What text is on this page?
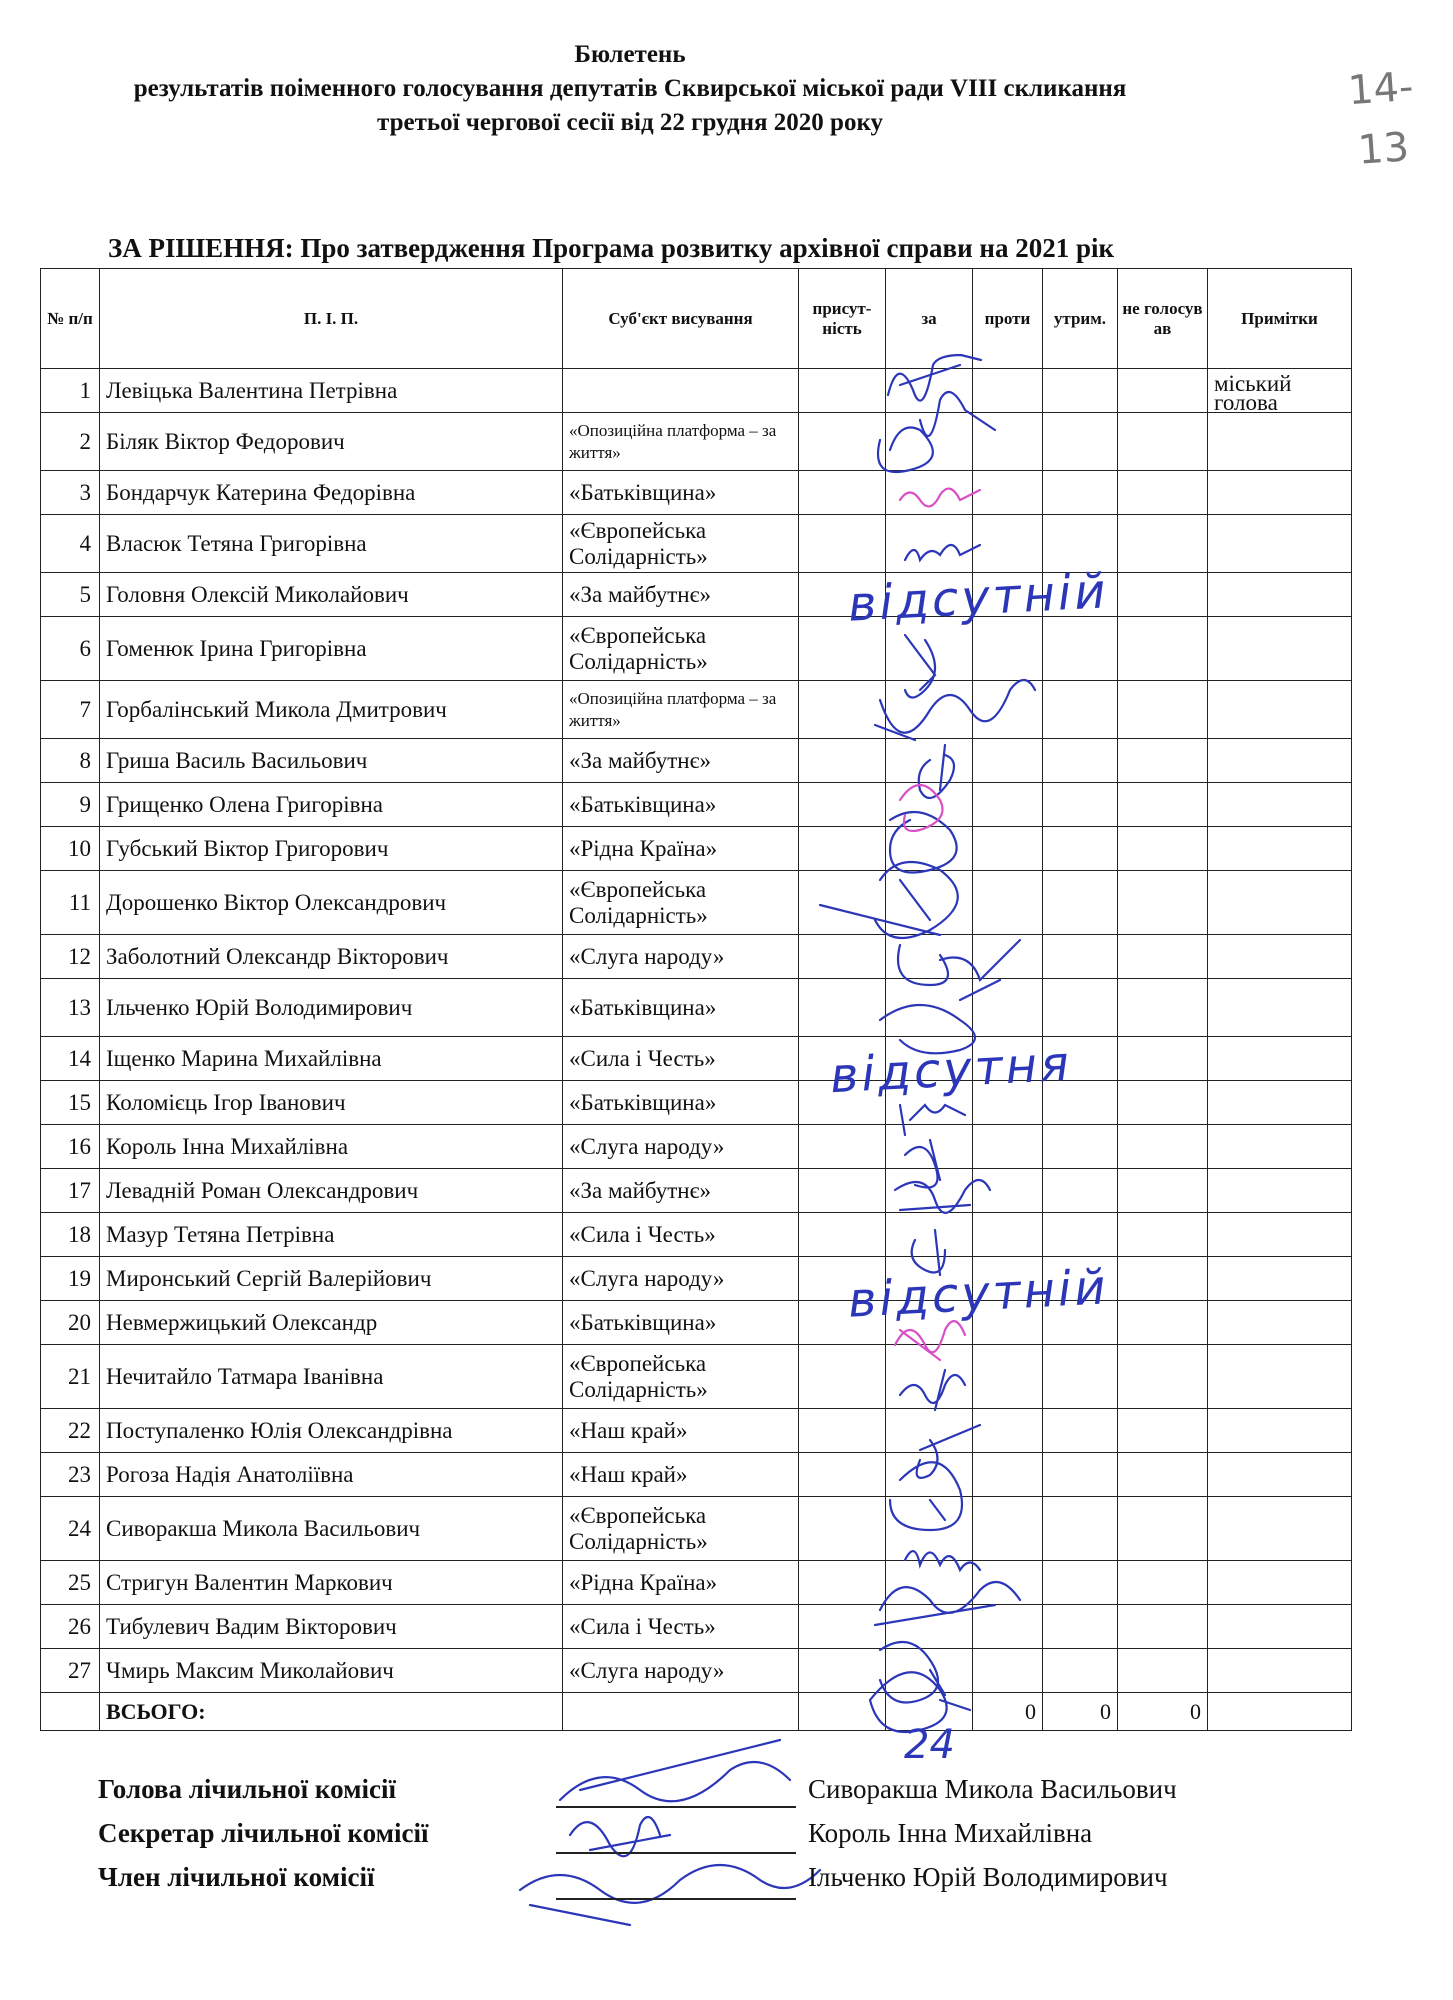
Бюлетень
результатів поіменного голосування депутатів Сквирської міської ради VIII скликання
третьої чергової сесії від 22 грудня 2020 року
14-
13
ЗА РІШЕННЯ: Про затвердження Програма розвитку архівної справи на 2021 рік
№ п/п	П. І. П.	Суб'єкт висування	присут-ність	за	проти	утрим.	не голосув ав	Примітки
1	Левіцька Валентина Петрівна							міський голова

2	Біляк Віктор Федорович	«Опозиційна платформа – за життя»						

3	Бондарчук Катерина Федорівна	«Батьківщина»						

4	Власюк Тетяна Григорівна	«Європейська Солідарність»						

5	Головня Олексій Миколайович	«За майбутнє»						

6	Гоменюк Ірина Григорівна	«Європейська Солідарність»						

7	Горбалінський Микола Дмитрович	«Опозиційна платформа – за життя»						

8	Гриша Василь Васильович	«За майбутнє»						

9	Грищенко Олена Григорівна	«Батьківщина»						

10	Губський Віктор Григорович	«Рідна Країна»						

11	Дорошенко Віктор Олександрович	«Європейська Солідарність»						

12	Заболотний Олександр Вікторович	«Слуга народу»						

13	Ільченко Юрій Володимирович	«Батьківщина»						

14	Іщенко Марина Михайлівна	«Сила і Честь»						

15	Коломієць Ігор Іванович	«Батьківщина»						

16	Король Інна Михайлівна	«Слуга народу»						

17	Левадній Роман Олександрович	«За майбутнє»						

18	Мазур Тетяна Петрівна	«Сила і Честь»						

19	Миронський Сергій Валерійович	«Слуга народу»						

20	Невмержицький Олександр	«Батьківщина»						

21	Нечитайло Татмара Іванівна	«Європейська Солідарність»						

22	Поступаленко Юлія Олександрівна	«Наш край»						

23	Рогоза Надія Анатоліївна	«Наш край»						

24	Сиворакша Микола Васильович	«Європейська Солідарність»						

25	Стригун Валентин Маркович	«Рідна Країна»						

26	Тибулевич Вадим Вікторович	«Сила і Честь»						

27	Чмирь Максим Миколайович	«Слуга народу»						

	ВСЬОГО:				0	0	0	
24
відсутній
відсутня
відсутній
Голова лічильної комісії	Сиворакша Микола Васильович
Секретар лічильної комісії	Король Інна Михайлівна
Член лічильної комісії	Ільченко Юрій Володимирович
